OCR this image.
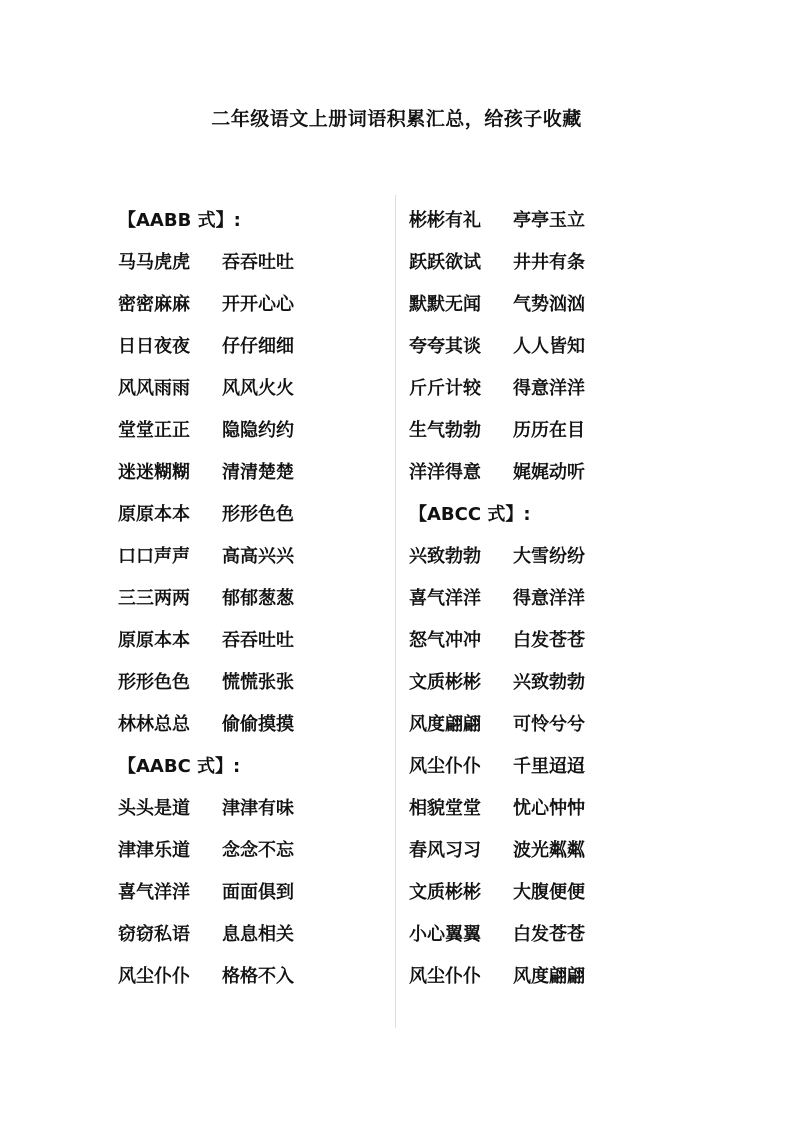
二年级语文上册词语积累汇总，给孩子收藏
【AABB 式】:
马马虎虎 吞吞吐吐
密密麻麻 开开心心
日日夜夜 仔仔细细
风风雨雨 风风火火
堂堂正正 隐隐约约
迷迷糊糊 清清楚楚
原原本本 形形色色
口口声声 高高兴兴
三三两两 郁郁葱葱
原原本本 吞吞吐吐
形形色色 慌慌张张
林林总总 偷偷摸摸
【AABC 式】:
头头是道 津津有味
津津乐道 念念不忘
喜气洋洋 面面俱到
窃窃私语 息息相关
风尘仆仆 格格不入
彬彬有礼 亭亭玉立
跃跃欲试 井井有条
默默无闻 气势汹汹
夸夸其谈 人人皆知
斤斤计较 得意洋洋
生气勃勃 历历在目
洋洋得意 娓娓动听
【ABCC 式】:
兴致勃勃 大雪纷纷
喜气洋洋 得意洋洋
怒气冲冲 白发苍苍
文质彬彬 兴致勃勃
风度翩翩 可怜兮兮
风尘仆仆 千里迢迢
相貌堂堂 忧心忡忡
春风习习 波光粼粼
文质彬彬 大腹便便
小心翼翼 白发苍苍
风尘仆仆 风度翩翩
